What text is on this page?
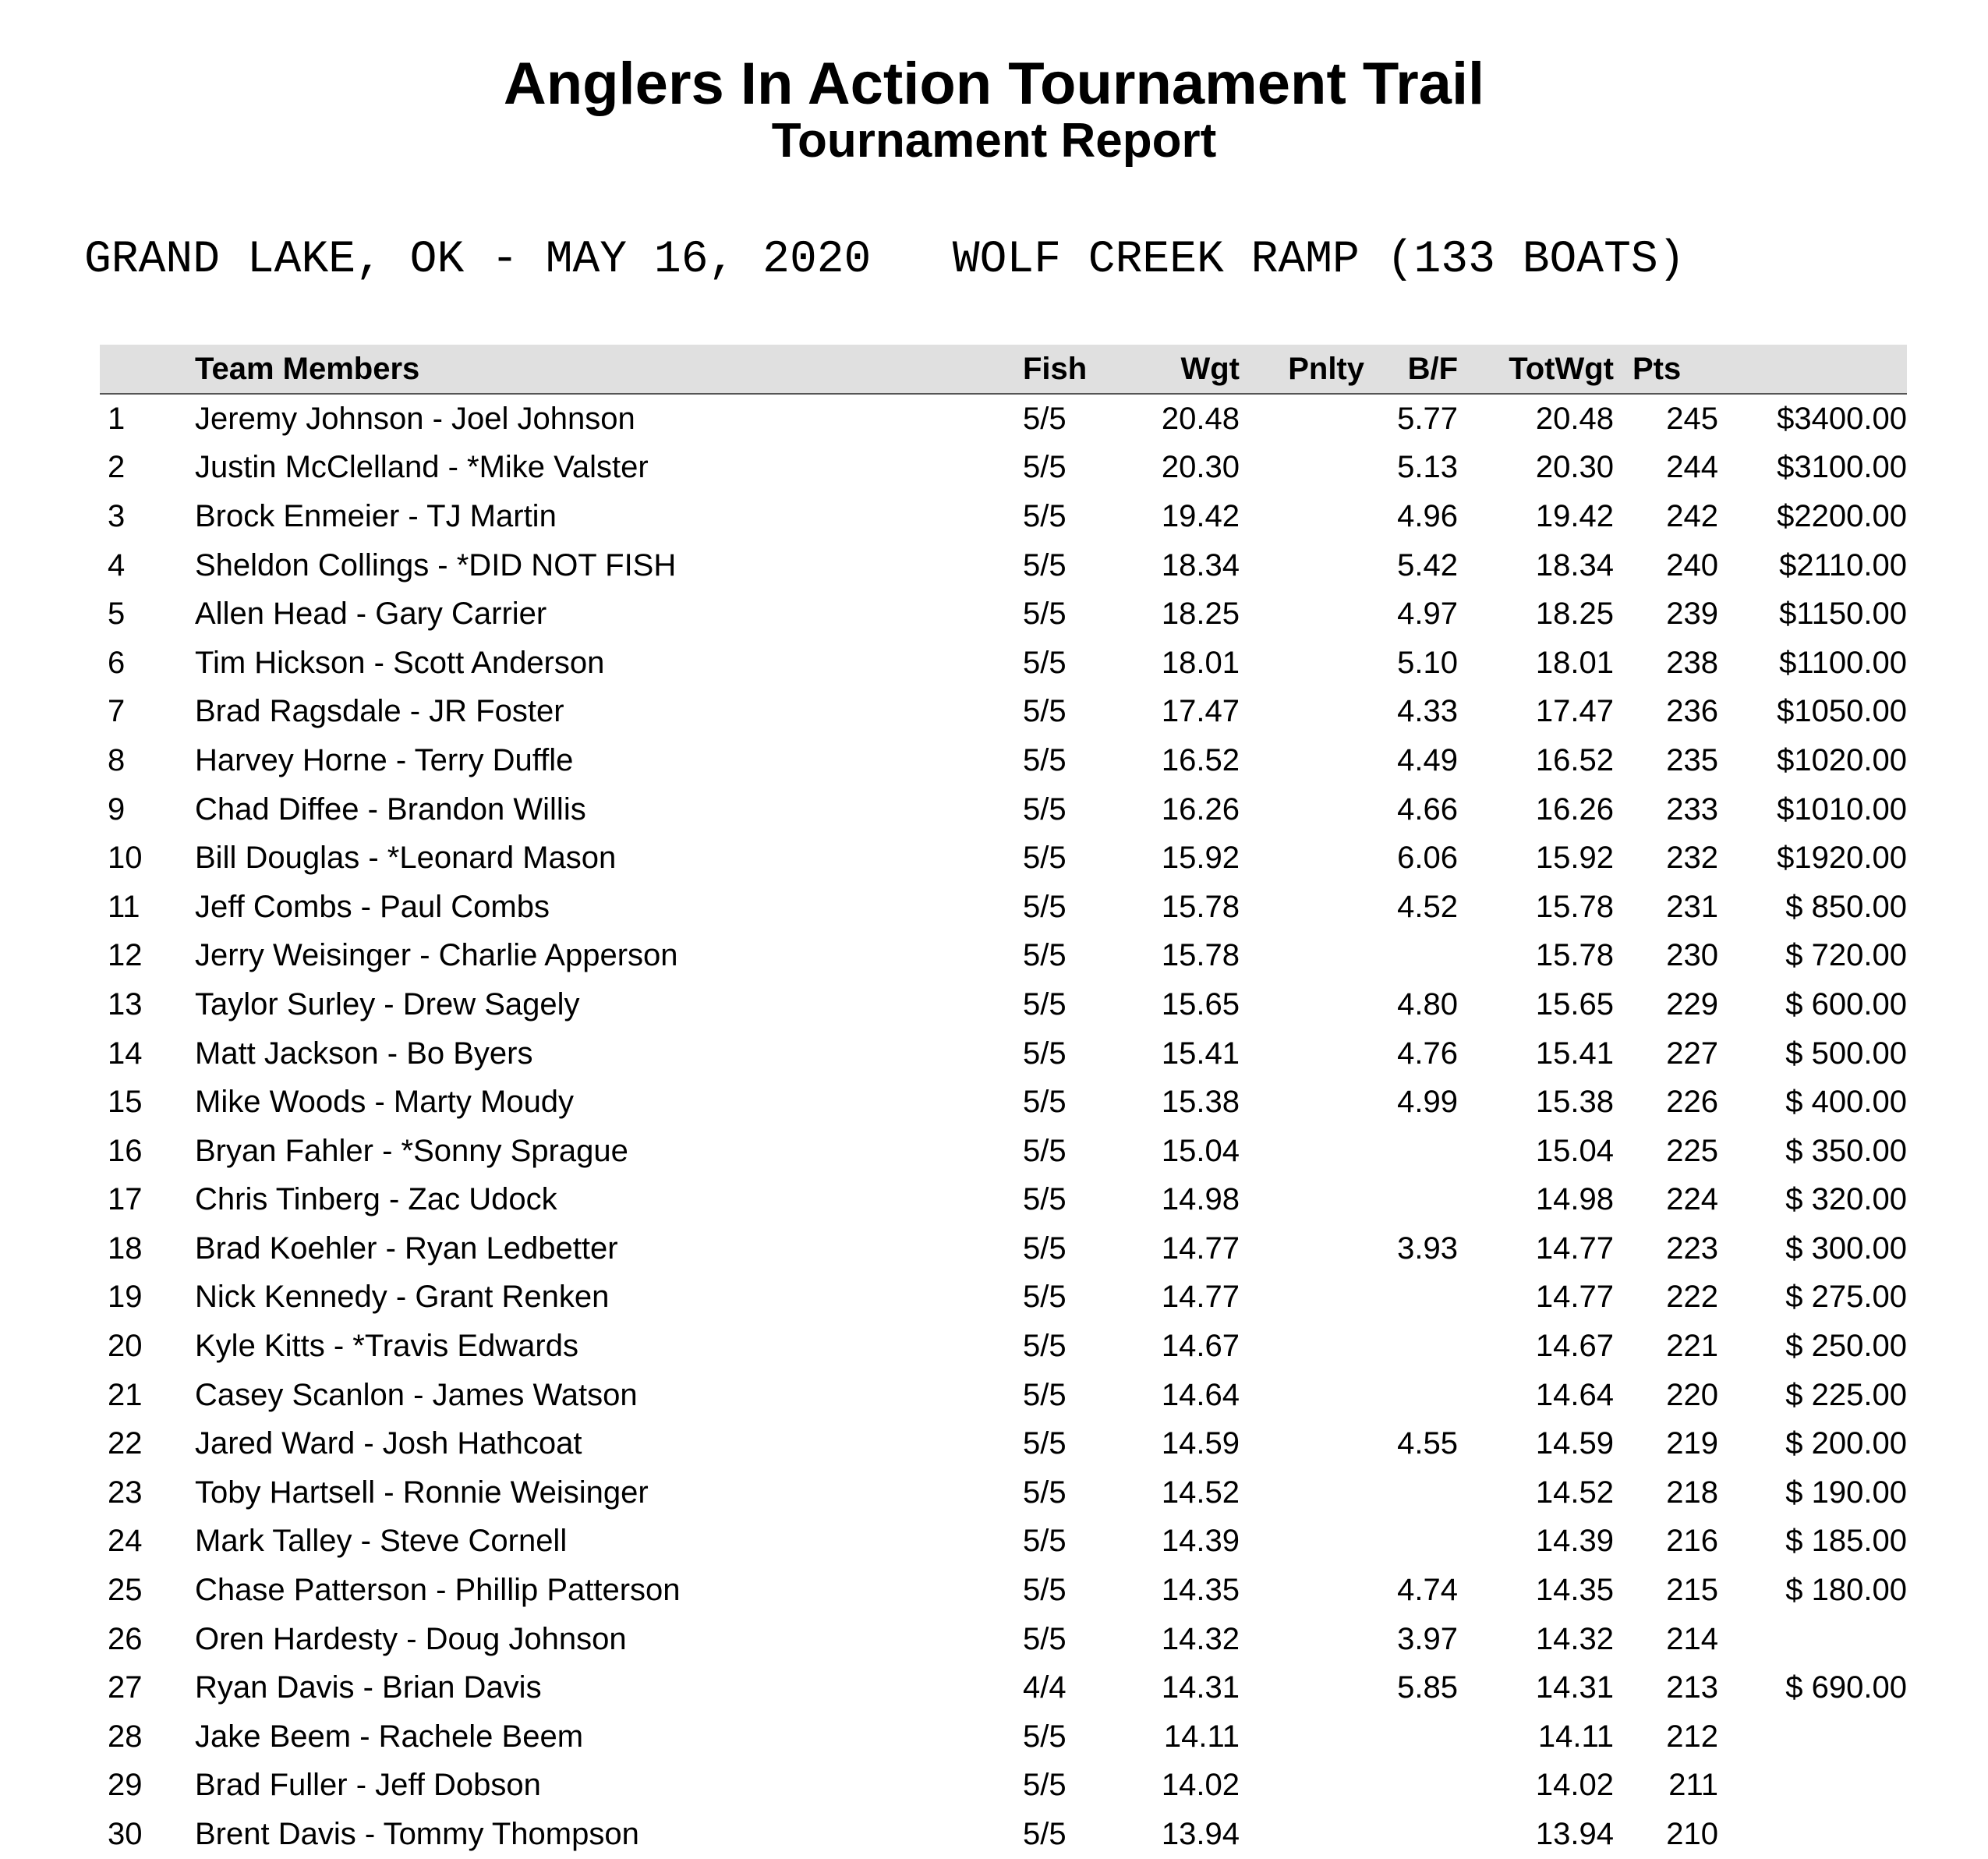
Anglers In Action Tournament Trail
Tournament Report
GRAND LAKE, OK - MAY 16, 2020   WOLF CREEK RAMP (133 BOATS)
	Team Members	Fish	Wgt	Pnlty	B/F	TotWgt	Pts	
1	Jeremy Johnson - Joel Johnson	5/5	20.48		5.77	20.48	245	$3400.00
2	Justin McClelland - *Mike Valster	5/5	20.30		5.13	20.30	244	$3100.00
3	Brock Enmeier - TJ Martin	5/5	19.42		4.96	19.42	242	$2200.00
4	Sheldon Collings - *DID NOT FISH	5/5	18.34		5.42	18.34	240	$2110.00
5	Allen Head - Gary Carrier	5/5	18.25		4.97	18.25	239	$1150.00
6	Tim Hickson - Scott Anderson	5/5	18.01		5.10	18.01	238	$1100.00
7	Brad Ragsdale - JR Foster	5/5	17.47		4.33	17.47	236	$1050.00
8	Harvey Horne - Terry Duffle	5/5	16.52		4.49	16.52	235	$1020.00
9	Chad Diffee - Brandon Willis	5/5	16.26		4.66	16.26	233	$1010.00
10	Bill Douglas - *Leonard Mason	5/5	15.92		6.06	15.92	232	$1920.00
11	Jeff Combs - Paul Combs	5/5	15.78		4.52	15.78	231	$ 850.00
12	Jerry Weisinger - Charlie Apperson	5/5	15.78			15.78	230	$ 720.00
13	Taylor Surley - Drew Sagely	5/5	15.65		4.80	15.65	229	$ 600.00
14	Matt Jackson - Bo Byers	5/5	15.41		4.76	15.41	227	$ 500.00
15	Mike Woods - Marty Moudy	5/5	15.38		4.99	15.38	226	$ 400.00
16	Bryan Fahler - *Sonny Sprague	5/5	15.04			15.04	225	$ 350.00
17	Chris Tinberg - Zac Udock	5/5	14.98			14.98	224	$ 320.00
18	Brad Koehler - Ryan Ledbetter	5/5	14.77		3.93	14.77	223	$ 300.00
19	Nick Kennedy - Grant Renken	5/5	14.77			14.77	222	$ 275.00
20	Kyle Kitts - *Travis Edwards	5/5	14.67			14.67	221	$ 250.00
21	Casey Scanlon - James Watson	5/5	14.64			14.64	220	$ 225.00
22	Jared Ward - Josh Hathcoat	5/5	14.59		4.55	14.59	219	$ 200.00
23	Toby Hartsell - Ronnie Weisinger	5/5	14.52			14.52	218	$ 190.00
24	Mark Talley - Steve Cornell	5/5	14.39			14.39	216	$ 185.00
25	Chase Patterson - Phillip Patterson	5/5	14.35		4.74	14.35	215	$ 180.00
26	Oren Hardesty - Doug Johnson	5/5	14.32		3.97	14.32	214	
27	Ryan Davis - Brian Davis	4/4	14.31		5.85	14.31	213	$ 690.00
28	Jake Beem - Rachele Beem	5/5	14.11			14.11	212	
29	Brad Fuller - Jeff Dobson	5/5	14.02			14.02	211	
30	Brent Davis - Tommy Thompson	5/5	13.94			13.94	210	
